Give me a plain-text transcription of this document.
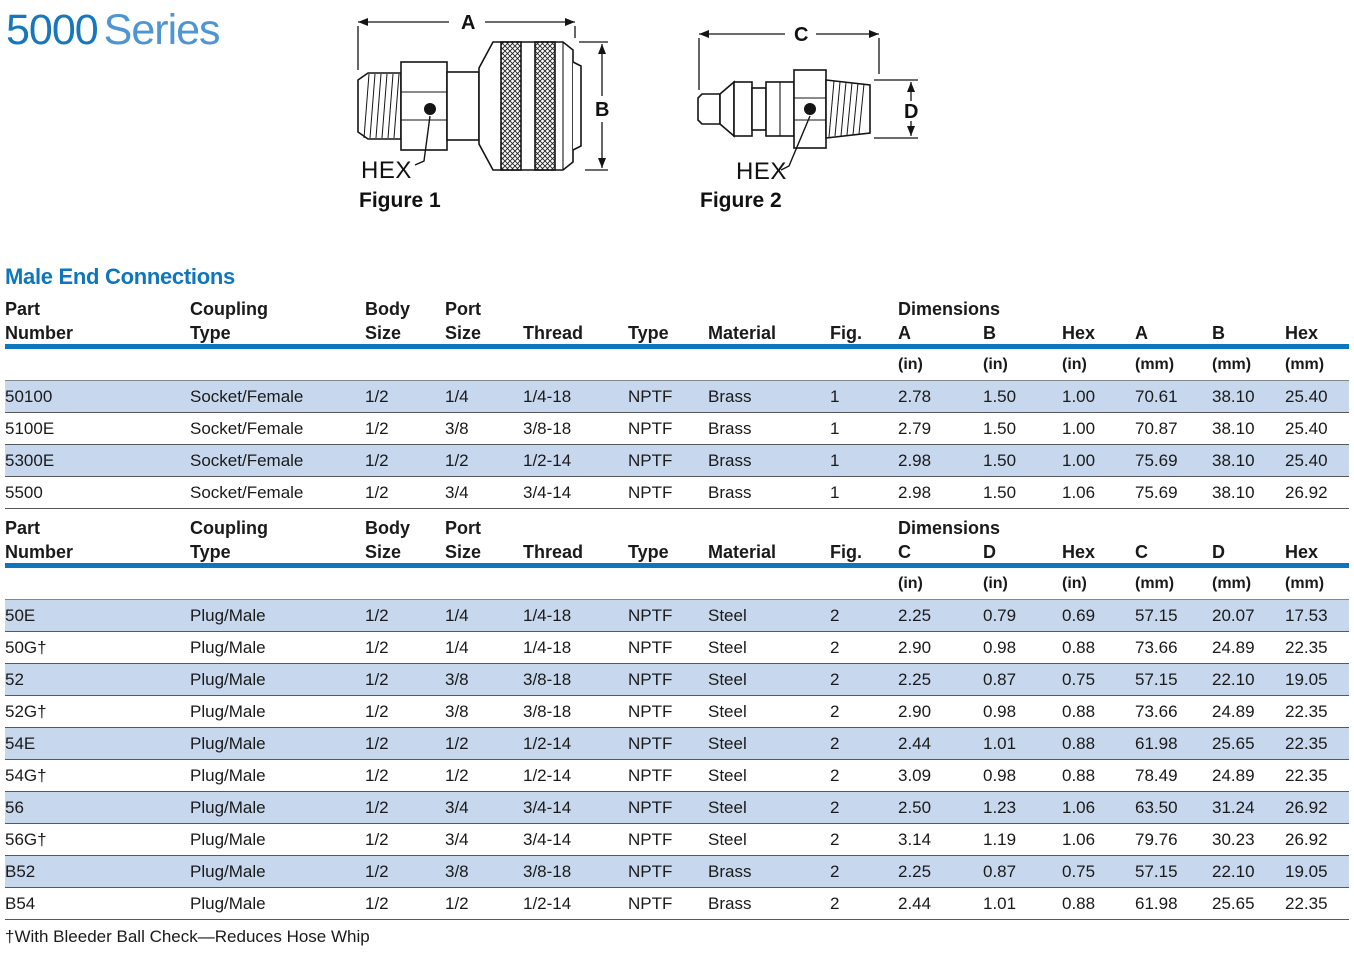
5000 Series	A
B
HEX
Figure 1
C
D
HEX
Figure 2
Male End Connections
Part	Coupling	Body	Port	Dimensions
Number	Type	Size	Size	Thread	Type	Material	Fig.	A	B	Hex	A	B	Hex
(in)	(in)	(in)	(mm)	(mm)	(mm)
50100	Socket/Female	1/2	1/4	1/4-18	NPTF	Brass	1	2.78	1.50	1.00	70.61	38.10	25.40
5100E	Socket/Female	1/2	3/8	3/8-18	NPTF	Brass	1	2.79	1.50	1.00	70.87	38.10	25.40
5300E	Socket/Female	1/2	1/2	1/2-14	NPTF	Brass	1	2.98	1.50	1.00	75.69	38.10	25.40
5500	Socket/Female	1/2	3/4	3/4-14	NPTF	Brass	1	2.98	1.50	1.06	75.69	38.10	26.92
Part	Coupling	Body	Port	Dimensions
Number	Type	Size	Size	Thread	Type	Material	Fig.	C	D	Hex	C	D	Hex
(in)	(in)	(in)	(mm)	(mm)	(mm)
50E	Plug/Male	1/2	1/4	1/4-18	NPTF	Steel	2	2.25	0.79	0.69	57.15	20.07	17.53
50G†	Plug/Male	1/2	1/4	1/4-18	NPTF	Steel	2	2.90	0.98	0.88	73.66	24.89	22.35
52	Plug/Male	1/2	3/8	3/8-18	NPTF	Steel	2	2.25	0.87	0.75	57.15	22.10	19.05
52G†	Plug/Male	1/2	3/8	3/8-18	NPTF	Steel	2	2.90	0.98	0.88	73.66	24.89	22.35
54E	Plug/Male	1/2	1/2	1/2-14	NPTF	Steel	2	2.44	1.01	0.88	61.98	25.65	22.35
54G†	Plug/Male	1/2	1/2	1/2-14	NPTF	Steel	2	3.09	0.98	0.88	78.49	24.89	22.35
56	Plug/Male	1/2	3/4	3/4-14	NPTF	Steel	2	2.50	1.23	1.06	63.50	31.24	26.92
56G†	Plug/Male	1/2	3/4	3/4-14	NPTF	Steel	2	3.14	1.19	1.06	79.76	30.23	26.92
B52	Plug/Male	1/2	3/8	3/8-18	NPTF	Brass	2	2.25	0.87	0.75	57.15	22.10	19.05
B54	Plug/Male	1/2	1/2	1/2-14	NPTF	Brass	2	2.44	1.01	0.88	61.98	25.65	22.35
†With Bleeder Ball Check—Reduces Hose Whip
